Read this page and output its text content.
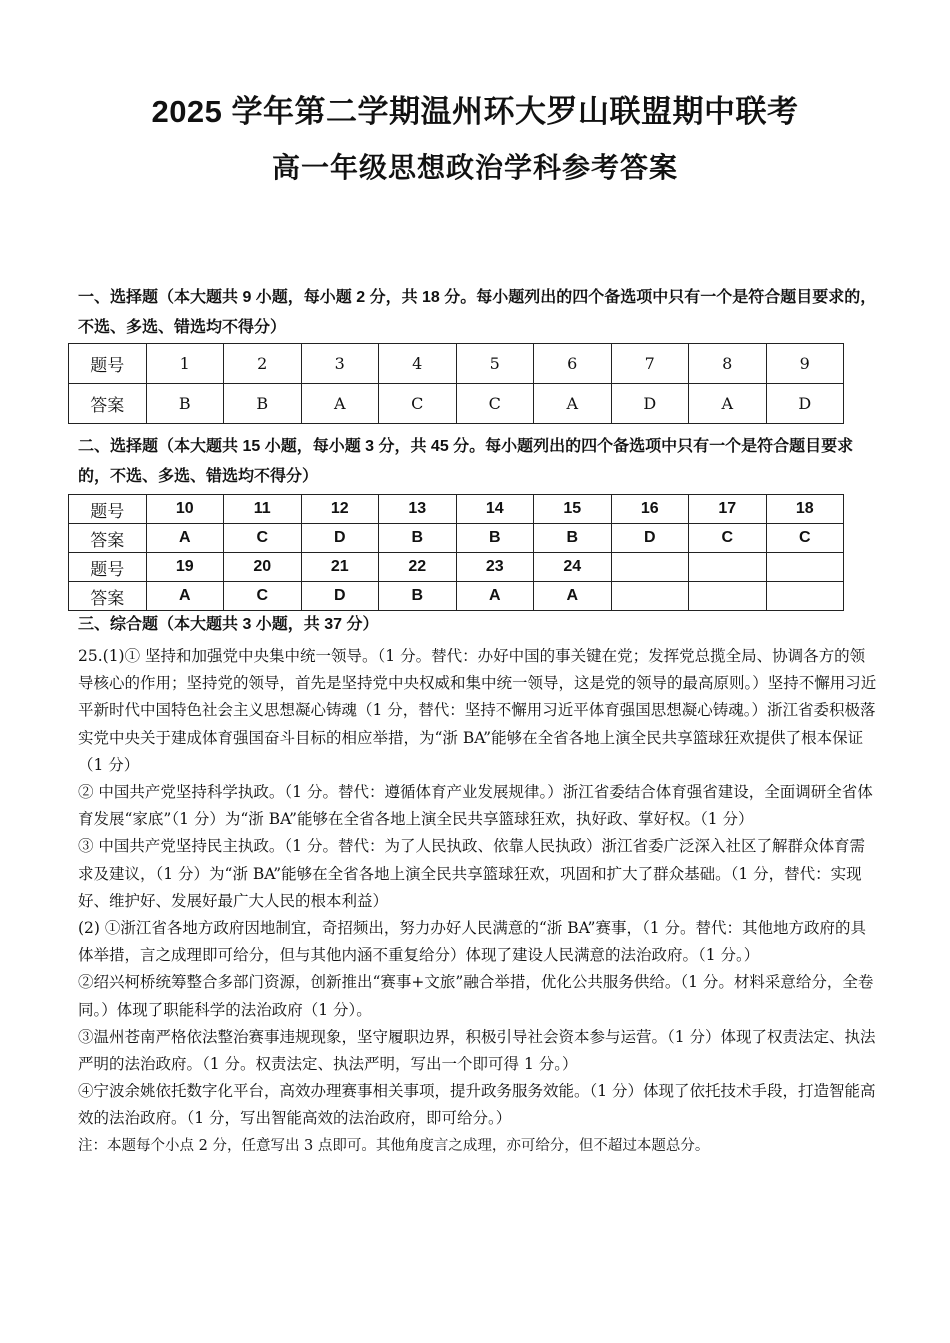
2025 学年第二学期温州环大罗山联盟期中联考
高一年级思想政治学科参考答案
一、选择题（本大题共 9 小题，每小题 2 分，共 18 分。每小题列出的四个备选项中只有一个是符合题目要求的，不选、多选、错选均不得分）
题号	1	2	3	4	5	6	7	8	9
答案	B	B	A	C	C	A	D	A	D
二、选择题（本大题共 15 小题，每小题 3 分，共 45 分。每小题列出的四个备选项中只有一个是符合题目要求的，不选、多选、错选均不得分）
题号	10	11	12	13	14	15	16	17	18
答案	A	C	D	B	B	B	D	C	C
题号	19	20	21	22	23	24			
答案	A	C	D	B	A	A			
三、综合题（本大题共 3 小题，共 37 分）

25.(1)① 坚持和加强党中央集中统一领导。（1 分。替代：办好中国的事关键在党；发挥党总揽全局、协调各方的领导核心的作用；坚持党的领导，首先是坚持党中央权威和集中统一领导，这是党的领导的最高原则。）坚持不懈用习近平新时代中国特色社会主义思想凝心铸魂（1 分，替代：坚持不懈用习近平体育强国思想凝心铸魂。）浙江省委积极落实党中央关于建成体育强国奋斗目标的相应举措，为“浙 BA”能够在全省各地上演全民共享篮球狂欢提供了根本保证（1 分）

② 中国共产党坚持科学执政。（1 分。替代：遵循体育产业发展规律。）浙江省委结合体育强省建设，全面调研全省体育发展“家底”（1 分）为“浙 BA”能够在全省各地上演全民共享篮球狂欢，执好政、掌好权。（1 分）

③ 中国共产党坚持民主执政。（1 分。替代：为了人民执政、依靠人民执政）浙江省委广泛深入社区了解群众体育需求及建议，（1 分）为“浙 BA”能够在全省各地上演全民共享篮球狂欢，巩固和扩大了群众基础。（1 分，替代：实现好、维护好、发展好最广大人民的根本利益）

(2) ①浙江省各地方政府因地制宜，奇招频出，努力办好人民满意的“浙 BA”赛事，（1 分。替代：其他地方政府的具体举措，言之成理即可给分，但与其他内涵不重复给分）体现了建设人民满意的法治政府。（1 分。）

②绍兴柯桥统筹整合多部门资源，创新推出“赛事+文旅”融合举措，优化公共服务供给。（1 分。材料采意给分，全卷同。）体现了职能科学的法治政府（1 分）。

③温州苍南严格依法整治赛事违规现象，坚守履职边界，积极引导社会资本参与运营。（1 分）体现了权责法定、执法严明的法治政府。（1 分。权责法定、执法严明，写出一个即可得 1 分。）

④宁波余姚依托数字化平台，高效办理赛事相关事项，提升政务服务效能。（1 分）体现了依托技术手段，打造智能高效的法治政府。（1 分，写出智能高效的法治政府，即可给分。）

注：本题每个小点 2 分，任意写出 3 点即可。其他角度言之成理，亦可给分，但不超过本题总分。
